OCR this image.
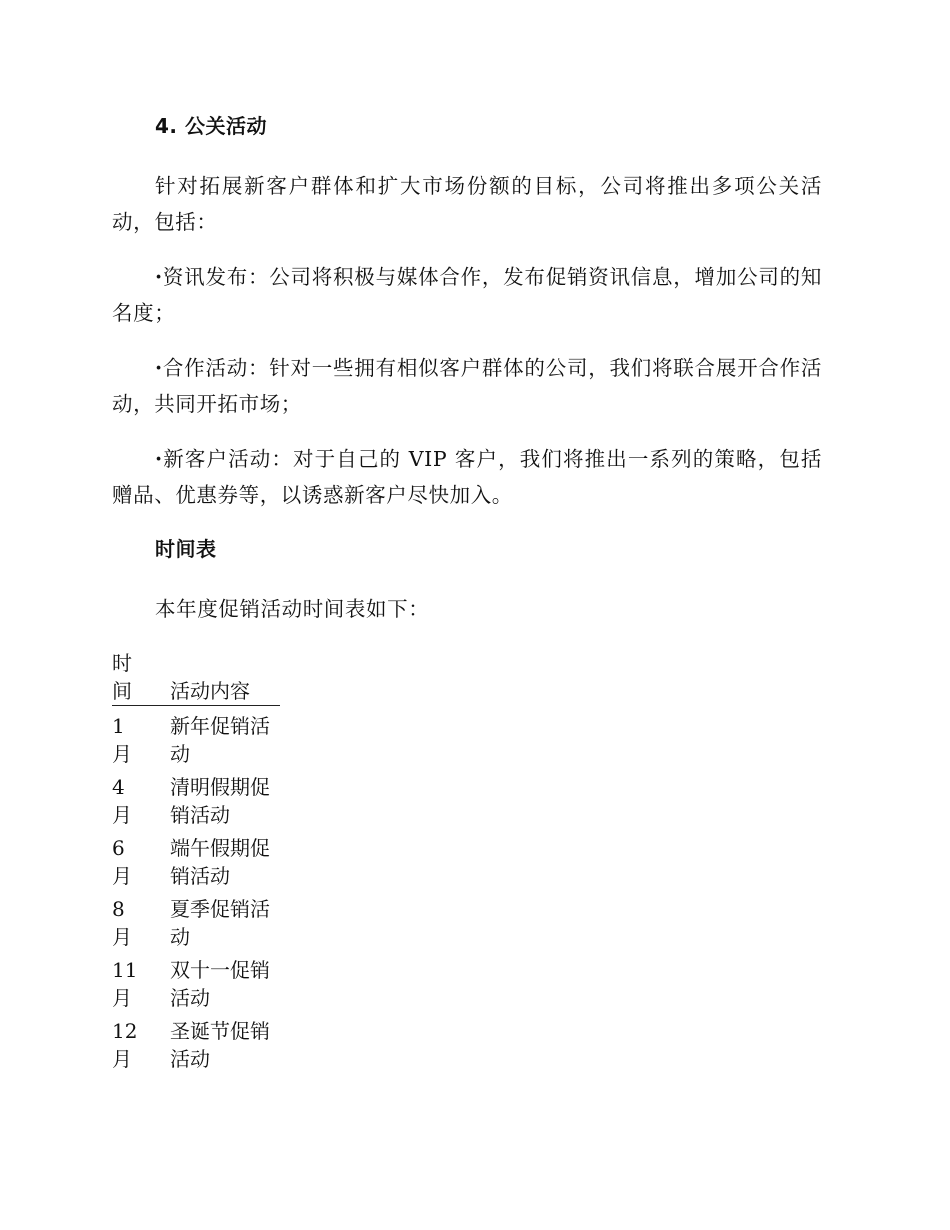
4. 公关活动

针对拓展新客户群体和扩大市场份额的目标，公司将推出多项公关活动，包括：

·资讯发布：公司将积极与媒体合作，发布促销资讯信息，增加公司的知名度；

·合作活动：针对一些拥有相似客户群体的公司，我们将联合展开合作活动，共同开拓市场；

·新客户活动：对于自己的 VIP 客户，我们将推出一系列的策略，包括赠品、优惠券等，以诱惑新客户尽快加入。

时间表

本年度促销活动时间表如下：

时间	活动内容
1 月	新年促销活动
4 月	清明假期促销活动
6 月	端午假期促销活动
8 月	夏季促销活动
11 月	双十一促销活动
12 月	圣诞节促销活动
